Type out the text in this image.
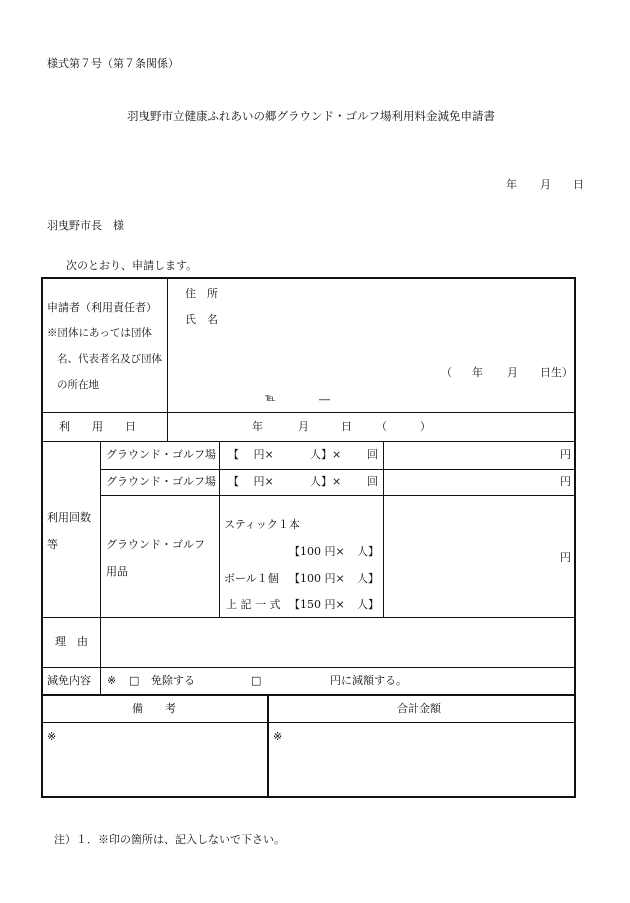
様式第７号（第７条関係）
羽曳野市立健康ふれあいの郷グラウンド・ゴルフ場利用料金減免申請書
年 月 日
羽曳野市長　様
次のとおり、申請します。
申請者（利用責任者）
※団体にあっては団体
名、代表者名及び団体
の所在地
住　所
氏　名
（ 年 月 日生）
℡	―
利　　用　　日	年	月	日 （　　　）
利用回数
等
グラウンド・ゴルフ場 【　 円×	人】× 回	円
グラウンド・ゴルフ場 【　 円×	人】× 回	円
グラウンド・ゴルフ
用品
スティック１本
【100 円× 人】
ボール１個 【100 円× 人】
上 記 一 式 【150 円× 人】
円
理　由
減免内容 ※ □ 免除する	□	円に減額する。
備　　考	合計金額
※	※
注）１．※印の箇所は、記入しないで下さい。
